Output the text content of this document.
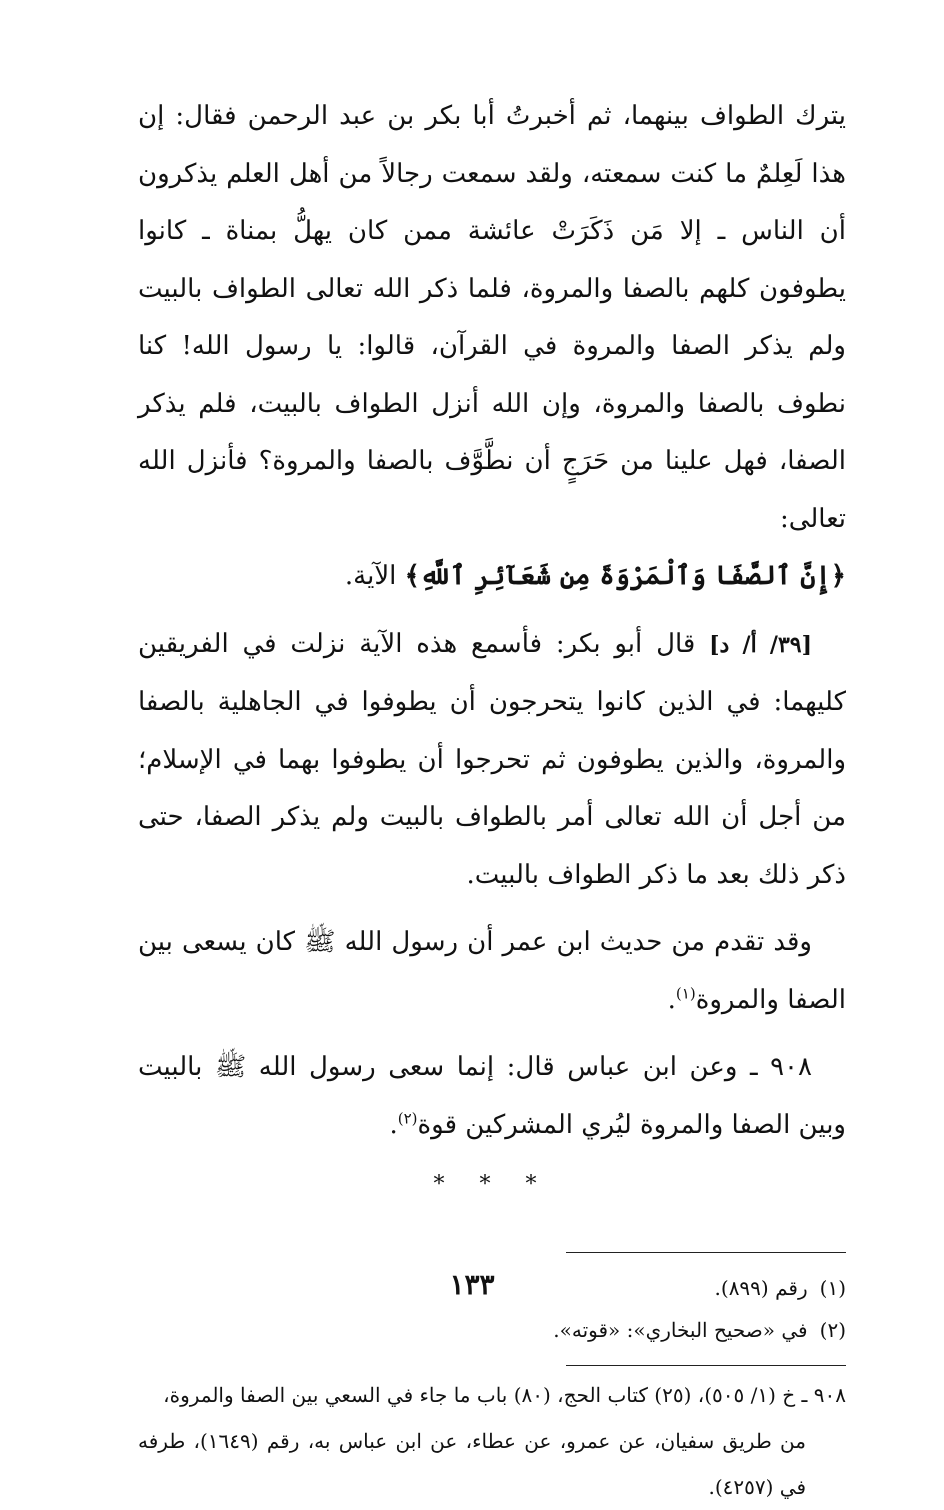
يترك الطواف بينهما، ثم أخبرتُ أبا بكر بن عبد الرحمن فقال: إن هذا لَعِلمٌ ما كنت سمعته، ولقد سمعت رجالاً من أهل العلم يذكرون أن الناس ـ إلا مَن ذَكَرَتْ عائشة ممن كان يهلُّ بمناة ـ كانوا يطوفون كلهم بالصفا والمروة، فلما ذكر الله تعالى الطواف بالبيت ولم يذكر الصفا والمروة في القرآن، قالوا: يا رسول الله! كنا نطوف بالصفا والمروة، وإن الله أنزل الطواف بالبيت، فلم يذكر الصفا، فهل علينا من حَرَجٍ أن نطَّوَّف بالصفا والمروة؟ فأنزل الله تعالى:
﴿إِنَّ ٱلصَّفَا وَٱلْمَرْوَةَ مِن شَعَآئِرِ ٱللَّهِ﴾ الآية.

[٣٩/ أ/ د] قال أبو بكر: فأسمع هذه الآية نزلت في الفريقين كليهما: في الذين كانوا يتحرجون أن يطوفوا في الجاهلية بالصفا والمروة، والذين يطوفون ثم تحرجوا أن يطوفوا بهما في الإسلام؛ من أجل أن الله تعالى أمر بالطواف بالبيت ولم يذكر الصفا، حتى ذكر ذلك بعد ما ذكر الطواف بالبيت.

وقد تقدم من حديث ابن عمر أن رسول الله ﷺ كان يسعى بين الصفا والمروة$^{(١)}$.

٩٠٨ ـ وعن ابن عباس قال: إنما سعى رسول الله ﷺ بالبيت وبين الصفا والمروة ليُري المشركين قوة$^{(٢)}$.

* * *
(١)رقم (٨٩٩).
(٢)في «صحيح البخاري»: «قوته».
٩٠٨ ـ خ (١/ ٥٠٥)، (٢٥) كتاب الحج، (٨٠) باب ما جاء في السعي بين الصفا والمروة،
من طريق سفيان، عن عمرو، عن عطاء، عن ابن عباس به، رقم (١٦٤٩)، طرفه في (٤٢٥٧).
١٣٣
